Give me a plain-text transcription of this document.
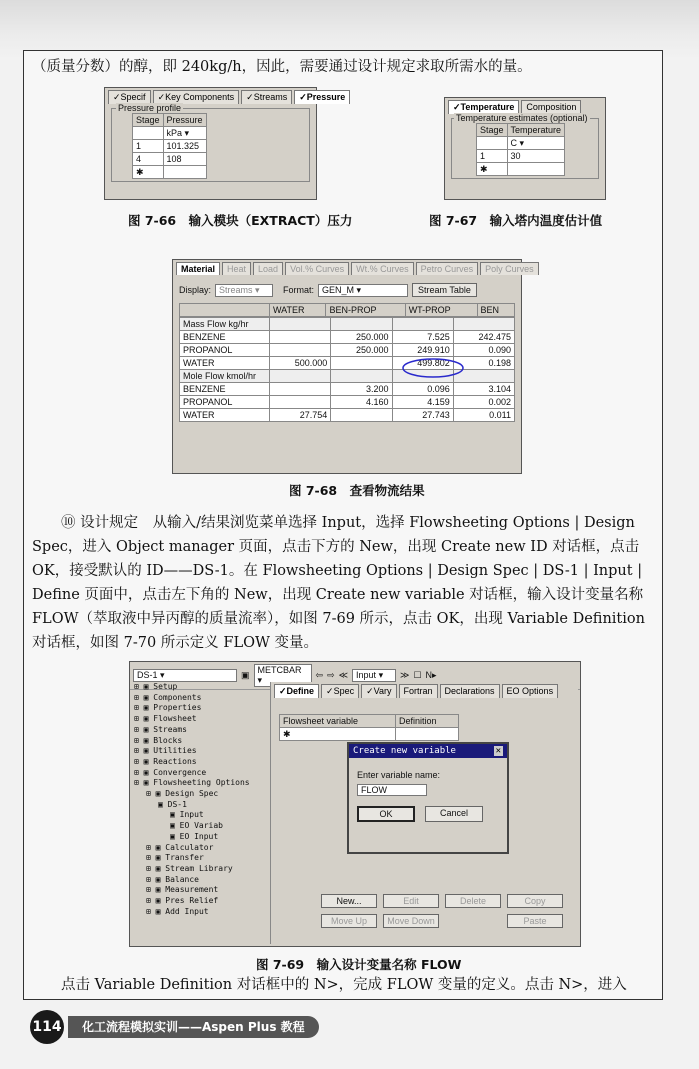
（质量分数）的醇，即 240kg/h，因此，需要通过设计规定求取所需水的量。
✓Specif	✓Key Components	✓Streams	✓Pressure
Pressure profile
Stage	Pressure
	kPa ▾
1	101.325
4	108
✱	
图 7-66　输入模块（EXTRACT）压力
✓Temperature	Composition
Temperature estimates (optional)
Stage	Temperature
	C ▾
1	30
✱	
图 7-67　输入塔内温度估计值
Material	Heat	Load	Vol.% Curves	Wt.% Curves	Petro Curves	Poly Curves
Display: Streams ▾	Format: GEN_M ▾	Stream Table
	WATER	BEN-PROP	WT-PROP	BEN
Mass Flow kg/hr				
BENZENE		250.000	7.525	242.475
PROPANOL		250.000	249.910	0.090
WATER	500.000		499.802	0.198
Mole Flow kmol/hr				
BENZENE		3.200	0.096	3.104
PROPANOL		4.160	4.159	0.002
WATER	27.754		27.743	0.011
图 7-68　查看物流结果
⑩ 设计规定　从输入/结果浏览菜单选择 Input，选择 Flowsheeting Options | Design Spec，进入 Object manager 页面，点击下方的 New，出现 Create new ID 对话框，点击 OK，接受默认的 ID——DS-1。在 Flowsheeting Options | Design Spec | DS-1 | Input | Define 页面中，点击左下角的 New，出现 Create new variable 对话框，输入设计变量名称 FLOW（萃取液中异丙醇的质量流率），如图 7-69 所示，点击 OK，出现 Variable Definition 对话框，如图 7-70 所示定义 FLOW 变量。
DS-1 ▾	▣ METCBAR ▾	⇦ ⇨ ≪ Input ▾	≫ ☐ N▸
⊞ ▣ Setup
⊞ ▣ Components
⊞ ▣ Properties
⊞ ▣ Flowsheet
⊞ ▣ Streams
⊞ ▣ Blocks
⊞ ▣ Utilities
⊞ ▣ Reactions
⊞ ▣ Convergence
⊞ ▣ Flowsheeting Options
⊞ ▣ Design Spec
▣ DS-1
▣ Input
▣ EO Variab
▣ EO Input
⊞ ▣ Calculator
⊞ ▣ Transfer
⊞ ▣ Stream Library
⊞ ▣ Balance
⊞ ▣ Measurement
⊞ ▣ Pres Relief
⊞ ▣ Add Input
✓Define	✓Spec	✓Vary	Fortran	Declarations	EO Options
Flowsheet variable	Definition
✱	
Create new variable	✕
Enter variable name:
FLOW
OK	Cancel
New...	Edit	Delete	Copy
Move Up	Move Down	Paste
图 7-69　输入设计变量名称 FLOW
点击 Variable Definition 对话框中的 N>，完成 FLOW 变量的定义。点击 N>，进入
114	化工流程模拟实训——Aspen Plus 教程
